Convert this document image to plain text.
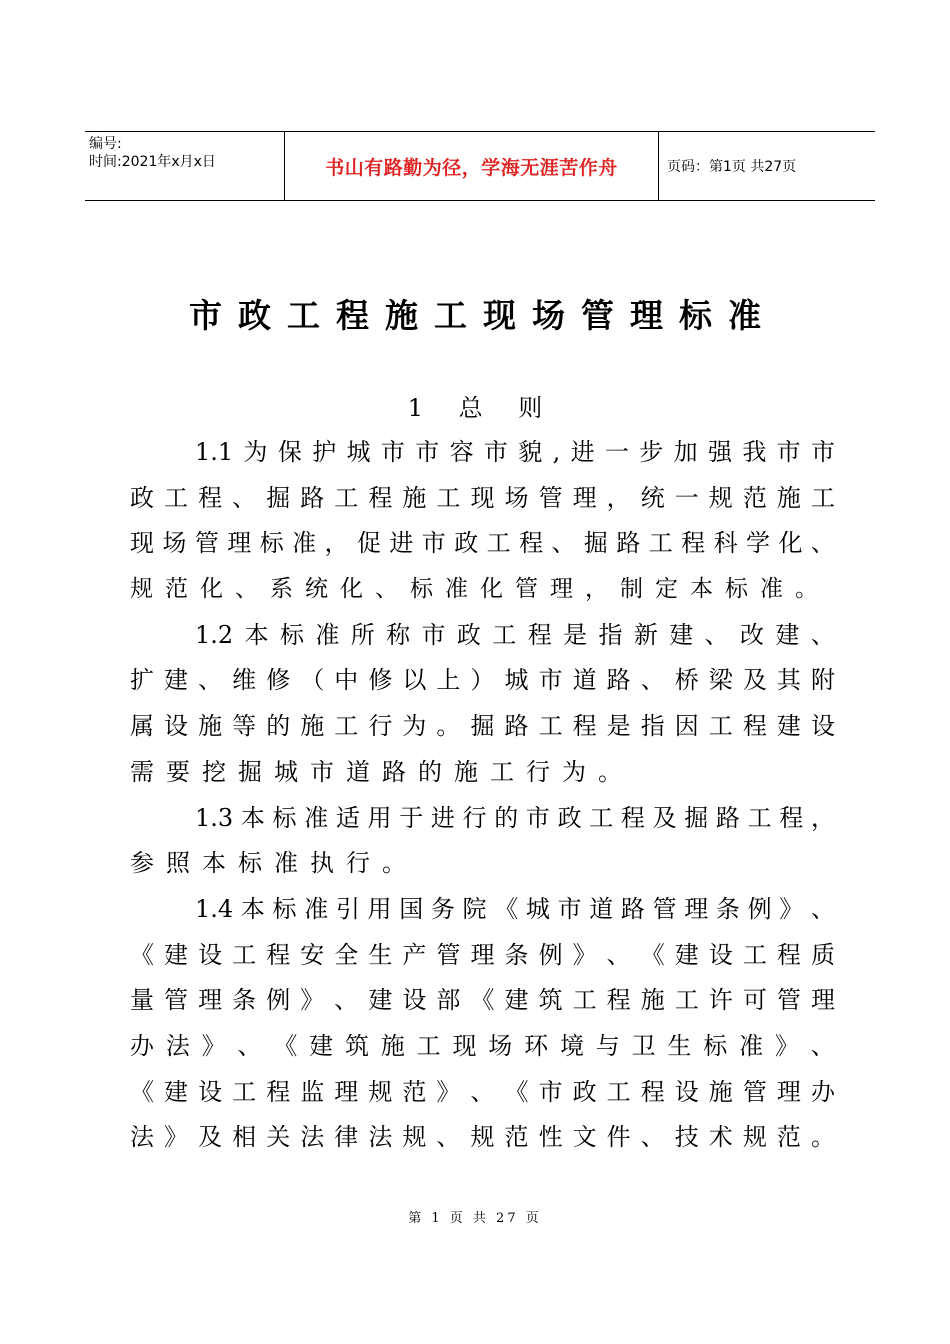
编号:
时间:2021年x月x日	书山有路勤为径，学海无涯苦作舟	页码：第1页 共27页
市政工程施工现场管理标准
1 总 则
1.1 为 保 护 城 市 市 容 市 貌 , 进 一 步 加 强 我 市 市
政 工 程 、 掘 路 工 程 施 工 现 场 管 理 ， 统 一 规 范 施 工
现 场 管 理 标 准 ， 促 进 市 政 工 程 、 掘 路 工 程 科 学 化 、
规 范 化 、 系 统 化 、 标 准 化 管 理 ， 制 定 本 标 准 。
1.2 本 标 准 所 称 市 政 工 程 是 指 新 建 、 改 建 、
扩 建 、 维 修 （ 中 修 以 上 ） 城 市 道 路 、 桥 梁 及 其 附
属 设 施 等 的 施 工 行 为 。 掘 路 工 程 是 指 因 工 程 建 设
需 要 挖 掘 城 市 道 路 的 施 工 行 为 。
1.3 本 标 准 适 用 于 进 行 的 市 政 工 程 及 掘 路 工 程 ，
参 照 本 标 准 执 行 。
1.4 本 标 准 引 用 国 务 院 《 城 市 道 路 管 理 条 例 》 、
《 建 设 工 程 安 全 生 产 管 理 条 例 》 、 《 建 设 工 程 质
量 管 理 条 例 》 、 建 设 部 《 建 筑 工 程 施 工 许 可 管 理
办 法 》 、 《 建 筑 施 工 现 场 环 境 与 卫 生 标 准 》 、
《 建 设 工 程 监 理 规 范 》 、 《 市 政 工 程 设 施 管 理 办
法 》 及 相 关 法 律 法 规 、 规 范 性 文 件 、 技 术 规 范 。
第 1 页 共 27 页
